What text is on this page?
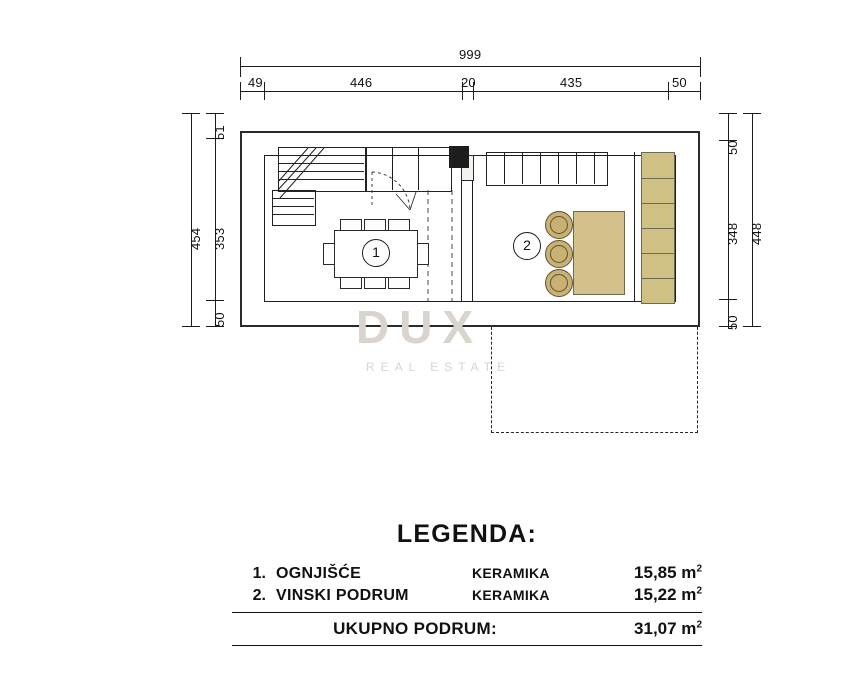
999
49	446	20	435	50
454
51
353
50
50
348
50
448
1	2
DUX
REAL ESTATE
LEGENDA:
1. OGNJIŠĆE	KERAMIKA	15,85 $m^2$
2. VINSKI PODRUM	KERAMIKA	15,22 $m^2$
UKUPNO PODRUM:	31,07 $m^2$
